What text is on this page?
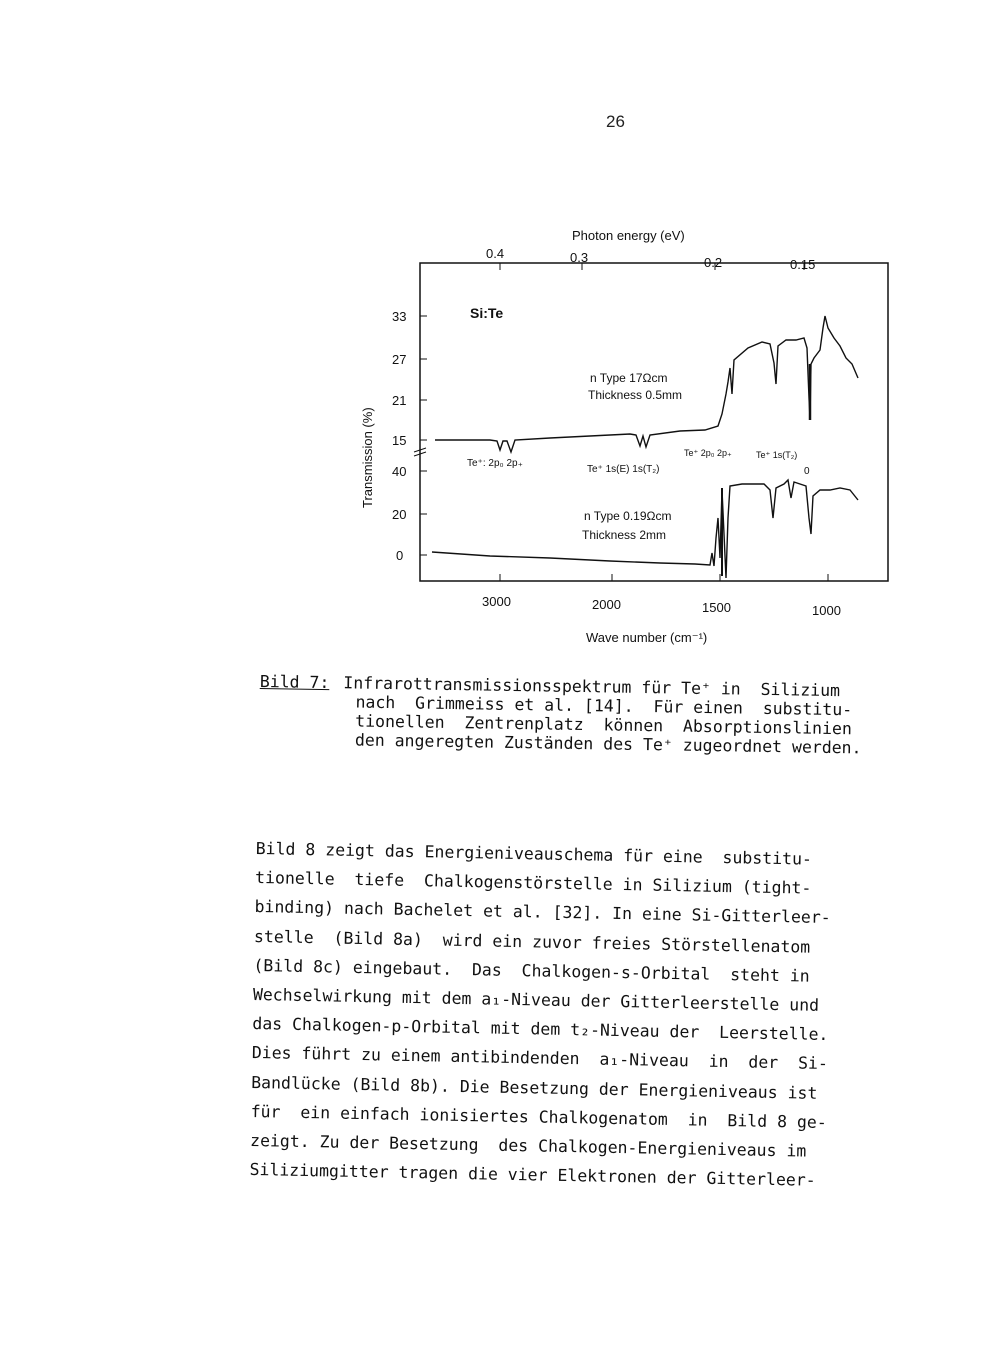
26
Photon energy (eV)
0.4	0.3	0.2	0.15
Transmission (%)
33
27
21
15
40
20
0
3000	2000	1500	1000
Wave number (cm⁻¹)
Si:Te
n Type 17Ωcm
Thickness 0.5mm
n Type 0.19Ωcm
Thickness 2mm
Te⁺: 2p₀ 2p₊
Te⁺ 1s(E) 1s(T₂)
Te⁺ 2p₀ 2p₊	Te⁺ 1s(T₂)
0
Bild 7: Infrarottransmissionsspektrum für Te⁺ in  Silizium
nach  Grimmeiss et al. [14].  Für einen  substitu-
tionellen  Zentrenplatz  können  Absorptionslinien
den angeregten Zuständen des Te⁺ zugeordnet werden.
Bild 8 zeigt das Energieniveauschema für eine  substitu-
tionelle  tiefe  Chalkogenstörstelle in Silizium (tight-
binding) nach Bachelet et al. [32]. In eine Si-Gitterleer-
stelle  (Bild 8a)  wird ein zuvor freies Störstellenatom
(Bild 8c) eingebaut.  Das  Chalkogen-s-Orbital  steht in
Wechselwirkung mit dem a₁-Niveau der Gitterleerstelle und
das Chalkogen-p-Orbital mit dem t₂-Niveau der  Leerstelle.
Dies führt zu einem antibindenden  a₁-Niveau  in  der  Si-
Bandlücke (Bild 8b). Die Besetzung der Energieniveaus ist
für  ein einfach ionisiertes Chalkogenatom  in  Bild 8 ge-
zeigt. Zu der Besetzung  des Chalkogen-Energieniveaus im
Siliziumgitter tragen die vier Elektronen der Gitterleer-
